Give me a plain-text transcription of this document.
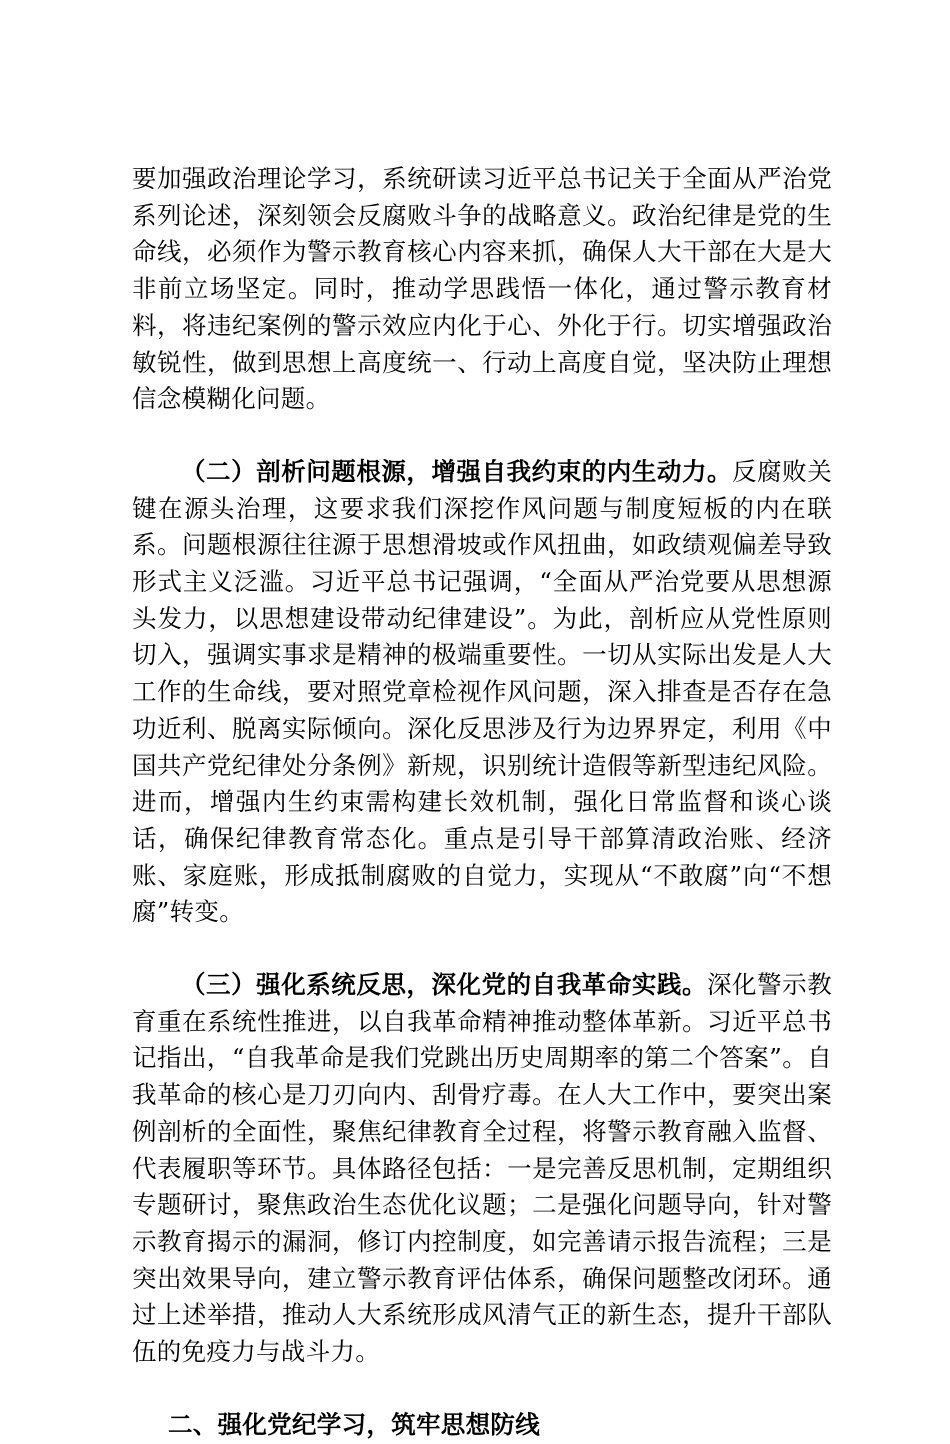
要加强政治理论学习，系统研读习近平总书记关于全面从严治党系列论述，深刻领会反腐败斗争的战略意义。政治纪律是党的生命线，必须作为警示教育核心内容来抓，确保人大干部在大是大非前立场坚定。同时，推动学思践悟一体化，通过警示教育材料，将违纪案例的警示效应内化于心、外化于行。切实增强政治敏锐性，做到思想上高度统一、行动上高度自觉，坚决防止理想信念模糊化问题。

（二）剖析问题根源，增强自我约束的内生动力。反腐败关键在源头治理，这要求我们深挖作风问题与制度短板的内在联系。问题根源往往源于思想滑坡或作风扭曲，如政绩观偏差导致形式主义泛滥。习近平总书记强调，“全面从严治党要从思想源头发力，以思想建设带动纪律建设”。为此，剖析应从党性原则切入，强调实事求是精神的极端重要性。一切从实际出发是人大工作的生命线，要对照党章检视作风问题，深入排查是否存在急功近利、脱离实际倾向。深化反思涉及行为边界界定，利用《中国共产党纪律处分条例》新规，识别统计造假等新型违纪风险。进而，增强内生约束需构建长效机制，强化日常监督和谈心谈话，确保纪律教育常态化。重点是引导干部算清政治账、经济账、家庭账，形成抵制腐败的自觉力，实现从“不敢腐”向“不想腐”转变。

（三）强化系统反思，深化党的自我革命实践。深化警示教育重在系统性推进，以自我革命精神推动整体革新。习近平总书记指出，“自我革命是我们党跳出历史周期率的第二个答案”。自我革命的核心是刀刃向内、刮骨疗毒。在人大工作中，要突出案例剖析的全面性，聚焦纪律教育全过程，将警示教育融入监督、代表履职等环节。具体路径包括：一是完善反思机制，定期组织专题研讨，聚焦政治生态优化议题；二是强化问题导向，针对警示教育揭示的漏洞，修订内控制度，如完善请示报告流程；三是突出效果导向，建立警示教育评估体系，确保问题整改闭环。通过上述举措，推动人大系统形成风清气正的新生态，提升干部队伍的免疫力与战斗力。

二、强化党纪学习，筑牢思想防线
